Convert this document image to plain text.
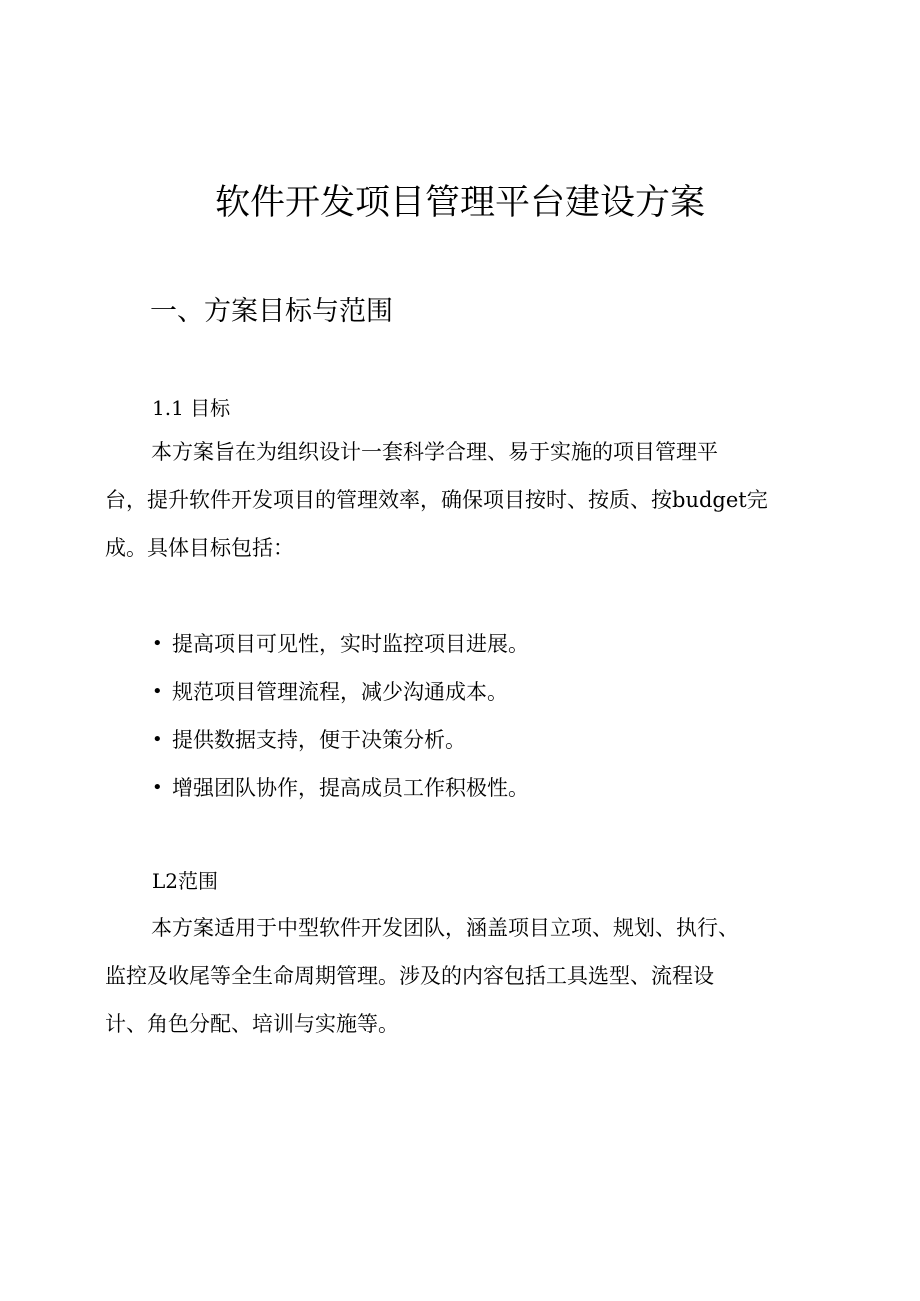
软件开发项目管理平台建设方案
一、方案目标与范围
1.1 目标

本方案旨在为组织设计一套科学合理、易于实施的项目管理平
台，提升软件开发项目的管理效率，确保项目按时、按质、按budget完
成。具体目标包括：

• 提高项目可见性，实时监控项目进展。
• 规范项目管理流程，减少沟通成本。
• 提供数据支持，便于决策分析。
• 增强团队协作，提高成员工作积极性。
L2范围

本方案适用于中型软件开发团队，涵盖项目立项、规划、执行、
监控及收尾等全生命周期管理。涉及的内容包括工具选型、流程设
计、角色分配、培训与实施等。
